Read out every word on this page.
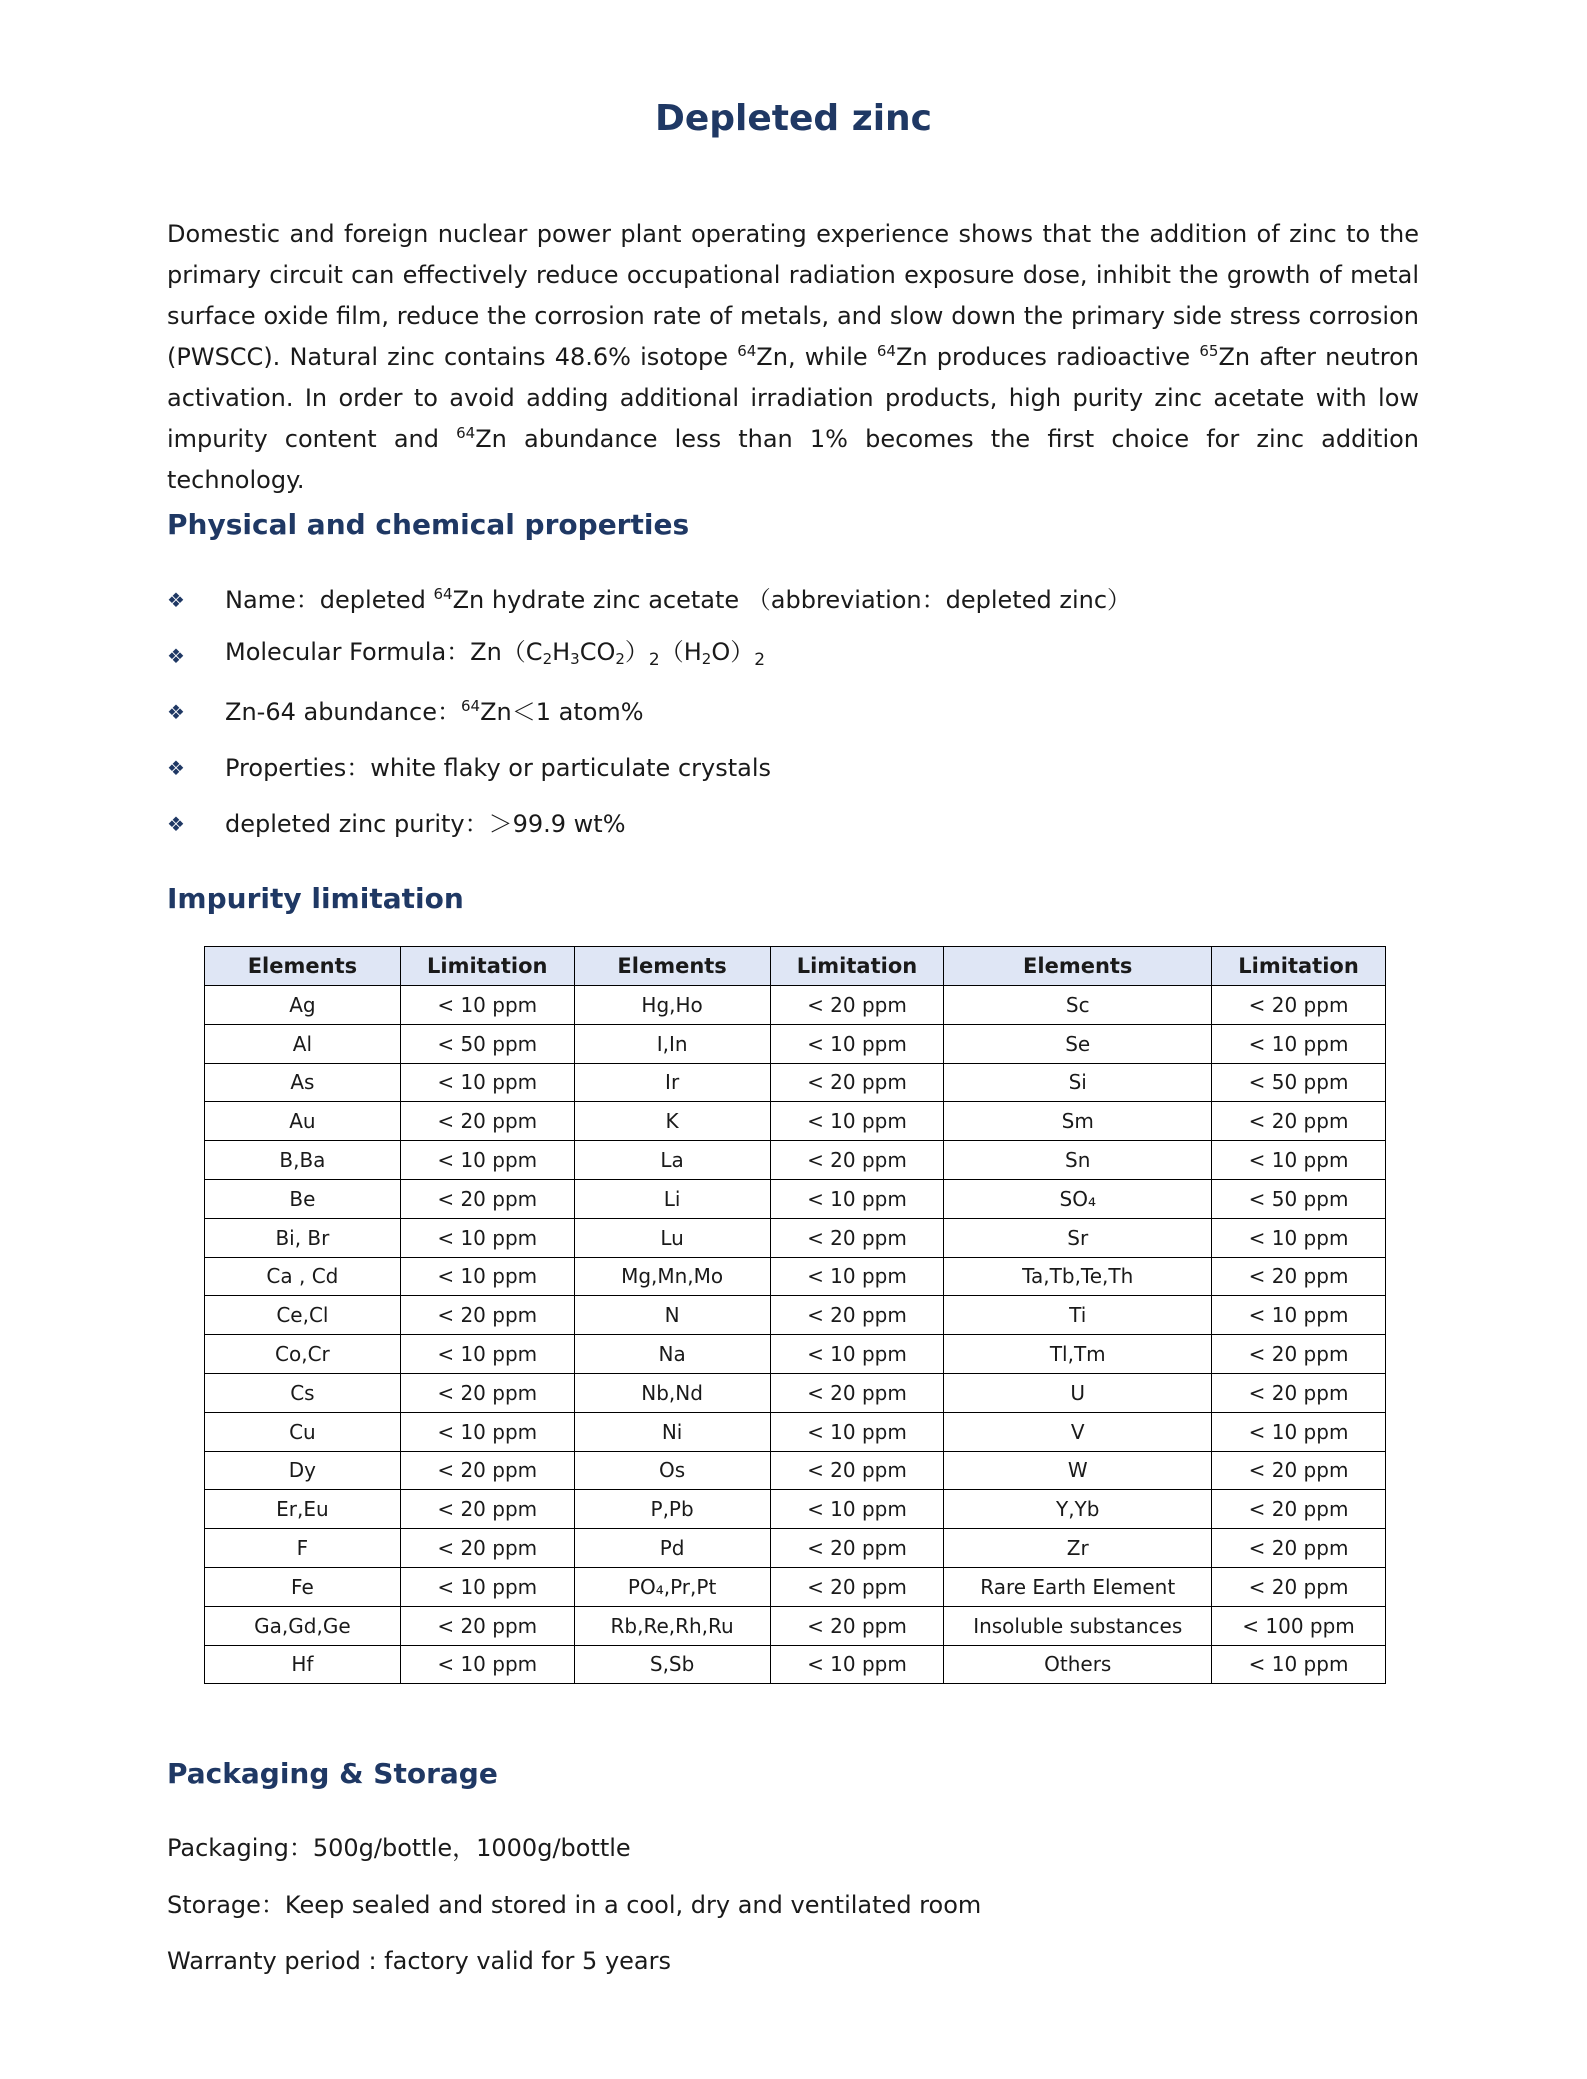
Depleted zinc

Domestic and foreign nuclear power plant operating experience shows that the addition of zinc to the primary circuit can effectively reduce occupational radiation exposure dose, inhibit the growth of metal surface oxide film, reduce the corrosion rate of metals, and slow down the primary side stress corrosion (PWSCC). Natural zinc contains 48.6% isotope $^{64}$Zn, while $^{64}$Zn produces radioactive $^{65}$Zn after neutron activation. In order to avoid adding additional irradiation products, high purity zinc acetate with low impurity content and $^{64}$Zn abundance less than 1% becomes the first choice for zinc addition technology.

Physical and chemical properties
❖	Name：depleted $^{64}$Zn hydrate zinc acetate （abbreviation：depleted zinc）
❖	Molecular Formula：$Zn(C_2H_3CO_2)_2(H_2O)_2$
❖	Zn-64 abundance：$^{64}$Zn＜1 atom%
❖	Properties：white flaky or particulate crystals
❖	depleted zinc purity：＞99.9 wt%
Impurity limitation
Elements	Limitation	Elements	Limitation	Elements	Limitation
Ag	< 10 ppm	Hg,Ho	< 20 ppm	Sc	< 20 ppm
Al	< 50 ppm	I,In	< 10 ppm	Se	< 10 ppm
As	< 10 ppm	Ir	< 20 ppm	Si	< 50 ppm
Au	< 20 ppm	K	< 10 ppm	Sm	< 20 ppm
B,Ba	< 10 ppm	La	< 20 ppm	Sn	< 10 ppm
Be	< 20 ppm	Li	< 10 ppm	SO₄	< 50 ppm
Bi, Br	< 10 ppm	Lu	< 20 ppm	Sr	< 10 ppm
Ca , Cd	< 10 ppm	Mg,Mn,Mo	< 10 ppm	Ta,Tb,Te,Th	< 20 ppm
Ce,Cl	< 20 ppm	N	< 20 ppm	Ti	< 10 ppm
Co,Cr	< 10 ppm	Na	< 10 ppm	Tl,Tm	< 20 ppm
Cs	< 20 ppm	Nb,Nd	< 20 ppm	U	< 20 ppm
Cu	< 10 ppm	Ni	< 10 ppm	V	< 10 ppm
Dy	< 20 ppm	Os	< 20 ppm	W	< 20 ppm
Er,Eu	< 20 ppm	P,Pb	< 10 ppm	Y,Yb	< 20 ppm
F	< 20 ppm	Pd	< 20 ppm	Zr	< 20 ppm
Fe	< 10 ppm	PO₄,Pr,Pt	< 20 ppm	Rare Earth Element	< 20 ppm
Ga,Gd,Ge	< 20 ppm	Rb,Re,Rh,Ru	< 20 ppm	Insoluble substances	< 100 ppm
Hf	< 10 ppm	S,Sb	< 10 ppm	Others	< 10 ppm
Packaging & Storage

Packaging：500g/bottle，1000g/bottle

Storage：Keep sealed and stored in a cool, dry and ventilated room

Warranty period : factory valid for 5 years
